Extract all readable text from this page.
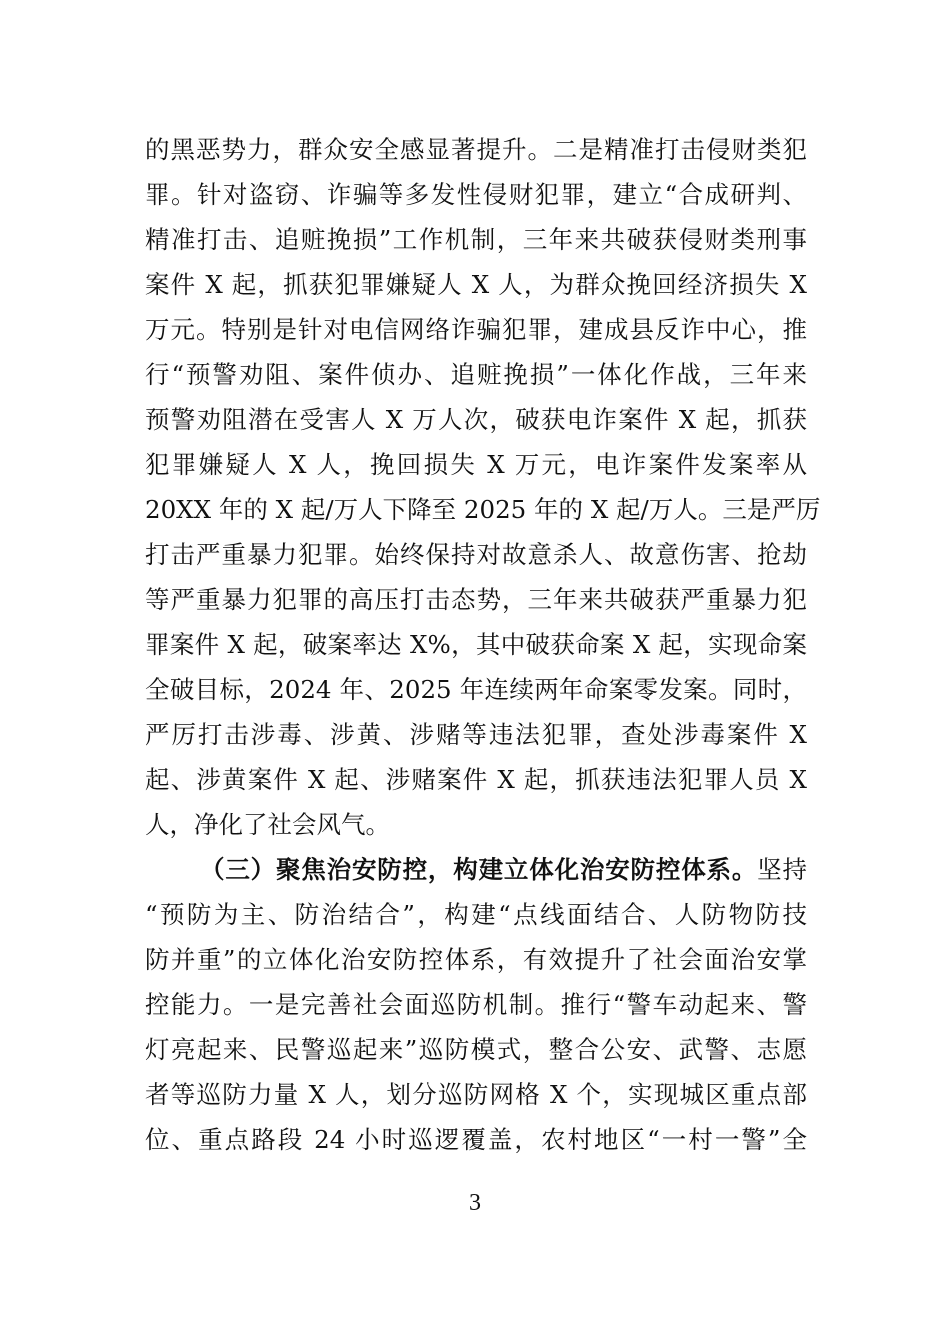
的黑恶势力，群众安全感显著提升。二是精准打击侵财类犯
罪。针对盗窃、诈骗等多发性侵财犯罪，建立“合成研判、
精准打击、追赃挽损”工作机制，三年来共破获侵财类刑事
案件 X 起，抓获犯罪嫌疑人 X 人，为群众挽回经济损失 X
万元。特别是针对电信网络诈骗犯罪，建成县反诈中心，推
行“预警劝阻、案件侦办、追赃挽损”一体化作战，三年来
预警劝阻潜在受害人 X 万人次，破获电诈案件 X 起，抓获
犯罪嫌疑人 X 人，挽回损失 X 万元，电诈案件发案率从
20XX 年的 X 起/万人下降至 2025 年的 X 起/万人。三是严厉
打击严重暴力犯罪。始终保持对故意杀人、故意伤害、抢劫
等严重暴力犯罪的高压打击态势，三年来共破获严重暴力犯
罪案件 X 起，破案率达 X%，其中破获命案 X 起，实现命案
全破目标，2024 年、2025 年连续两年命案零发案。同时，
严厉打击涉毒、涉黄、涉赌等违法犯罪，查处涉毒案件 X
起、涉黄案件 X 起、涉赌案件 X 起，抓获违法犯罪人员 X
人，净化了社会风气。
（三）聚焦治安防控，构建立体化治安防控体系。坚持
“预防为主、防治结合”，构建“点线面结合、人防物防技
防并重”的立体化治安防控体系，有效提升了社会面治安掌
控能力。一是完善社会面巡防机制。推行“警车动起来、警
灯亮起来、民警巡起来”巡防模式，整合公安、武警、志愿
者等巡防力量 X 人，划分巡防网格 X 个，实现城区重点部
位、重点路段 24 小时巡逻覆盖，农村地区“一村一警”全
3
